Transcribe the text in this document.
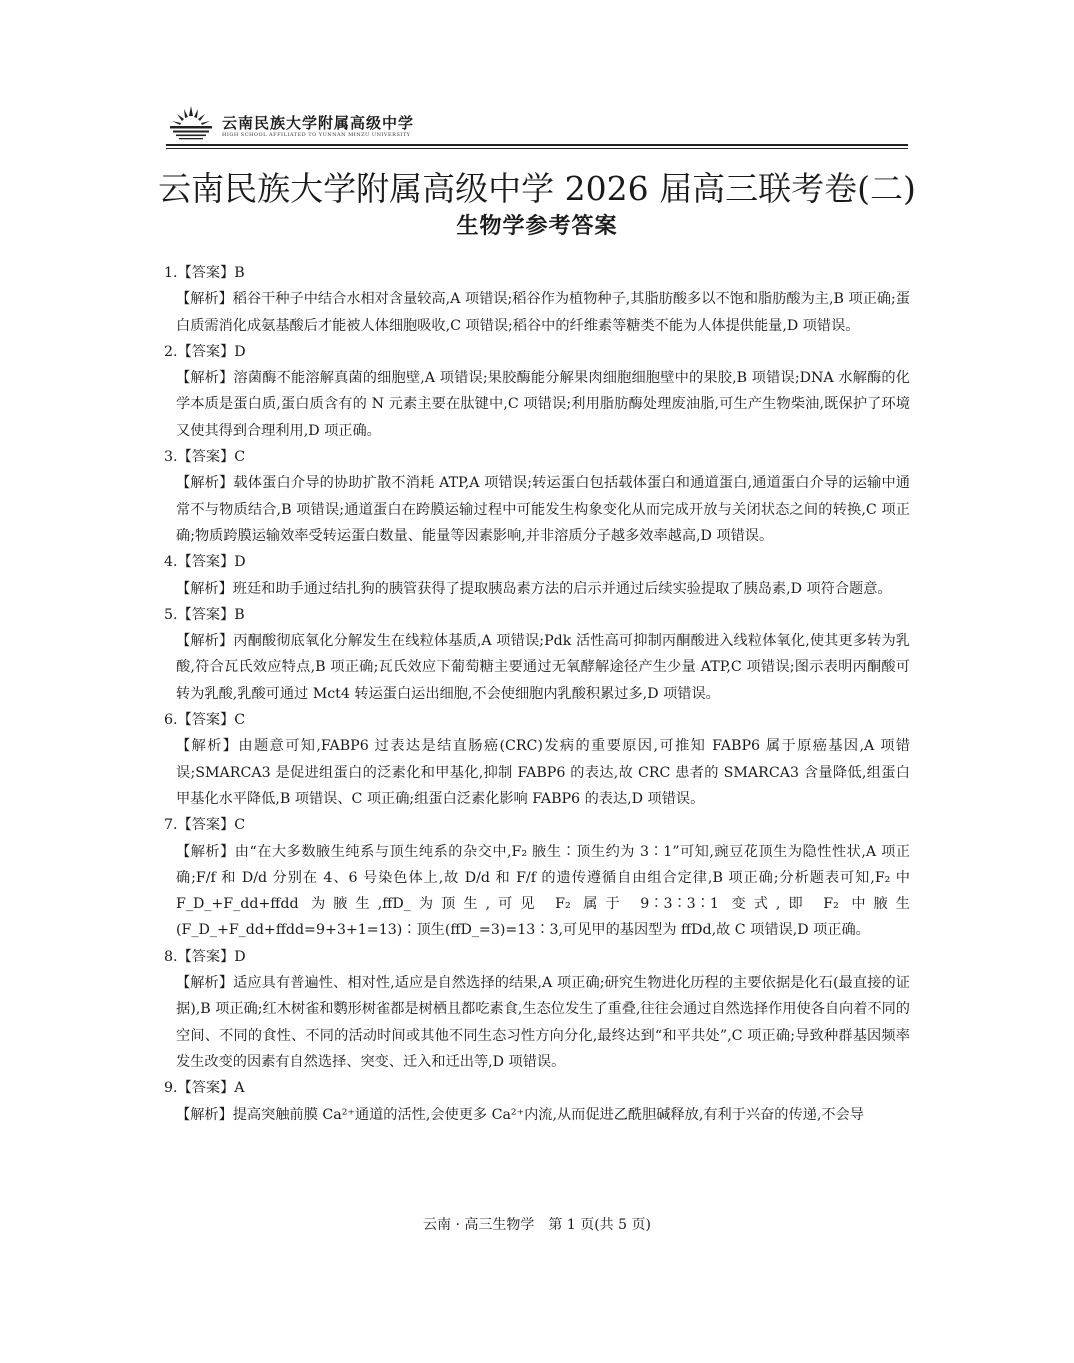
云南民族大学附属高级中学
HIGH SCHOOL AFFILIATED TO YUNNAN MINZU UNIVERSITY
云南民族大学附属高级中学 2026 届高三联考卷(二)
生物学参考答案

1.【答案】B

【解析】稻谷干种子中结合水相对含量较高,A 项错误;稻谷作为植物种子,其脂肪酸多以不饱和脂肪酸为主,B 项正确;蛋白质需消化成氨基酸后才能被人体细胞吸收,C 项错误;稻谷中的纤维素等糖类不能为人体提供能量,D 项错误。

2.【答案】D

【解析】溶菌酶不能溶解真菌的细胞壁,A 项错误;果胶酶能分解果肉细胞细胞壁中的果胶,B 项错误;DNA 水解酶的化学本质是蛋白质,蛋白质含有的 N 元素主要在肽键中,C 项错误;利用脂肪酶处理废油脂,可生产生物柴油,既保护了环境又使其得到合理利用,D 项正确。

3.【答案】C

【解析】载体蛋白介导的协助扩散不消耗 ATP,A 项错误;转运蛋白包括载体蛋白和通道蛋白,通道蛋白介导的运输中通常不与物质结合,B 项错误;通道蛋白在跨膜运输过程中可能发生构象变化从而完成开放与关闭状态之间的转换,C 项正确;物质跨膜运输效率受转运蛋白数量、能量等因素影响,并非溶质分子越多效率越高,D 项错误。

4.【答案】D

【解析】班廷和助手通过结扎狗的胰管获得了提取胰岛素方法的启示并通过后续实验提取了胰岛素,D 项符合题意。

5.【答案】B

【解析】丙酮酸彻底氧化分解发生在线粒体基质,A 项错误;Pdk 活性高可抑制丙酮酸进入线粒体氧化,使其更多转为乳酸,符合瓦氏效应特点,B 项正确;瓦氏效应下葡萄糖主要通过无氧酵解途径产生少量 ATP,C 项错误;图示表明丙酮酸可转为乳酸,乳酸可通过 Mct4 转运蛋白运出细胞,不会使细胞内乳酸积累过多,D 项错误。

6.【答案】C

【解析】由题意可知,FABP6 过表达是结直肠癌(CRC)发病的重要原因,可推知 FABP6 属于原癌基因,A 项错误;SMARCA3 是促进组蛋白的泛素化和甲基化,抑制 FABP6 的表达,故 CRC 患者的 SMARCA3 含量降低,组蛋白甲基化水平降低,B 项错误、C 项正确;组蛋白泛素化影响 FABP6 的表达,D 项错误。

7.【答案】C

【解析】由“在大多数腋生纯系与顶生纯系的杂交中,F₂ 腋生∶顶生约为 3∶1”可知,豌豆花顶生为隐性性状,A 项正确;F/f 和 D/d 分别在 4、6 号染色体上,故 D/d 和 F/f 的遗传遵循自由组合定律,B 项正确;分析题表可知,F₂ 中 F_D_+F_dd+ffdd 为腋生,ffD_为顶生,可见 F₂ 属于 9∶3∶3∶1 变式,即 F₂ 中腋生(F_D_+F_dd+ffdd=9+3+1=13)∶顶生(ffD_=3)=13∶3,可见甲的基因型为 ffDd,故 C 项错误,D 项正确。

8.【答案】D

【解析】适应具有普遍性、相对性,适应是自然选择的结果,A 项正确;研究生物进化历程的主要依据是化石(最直接的证据),B 项正确;红木树雀和鹦形树雀都是树栖且都吃素食,生态位发生了重叠,往往会通过自然选择作用使各自向着不同的空间、不同的食性、不同的活动时间或其他不同生态习性方向分化,最终达到“和平共处”,C 项正确;导致种群基因频率发生改变的因素有自然选择、突变、迁入和迁出等,D 项错误。

9.【答案】A

【解析】提高突触前膜 Ca²⁺通道的活性,会使更多 Ca²⁺内流,从而促进乙酰胆碱释放,有利于兴奋的传递,不会导

云南 · 高三生物学　第 1 页(共 5 页)
